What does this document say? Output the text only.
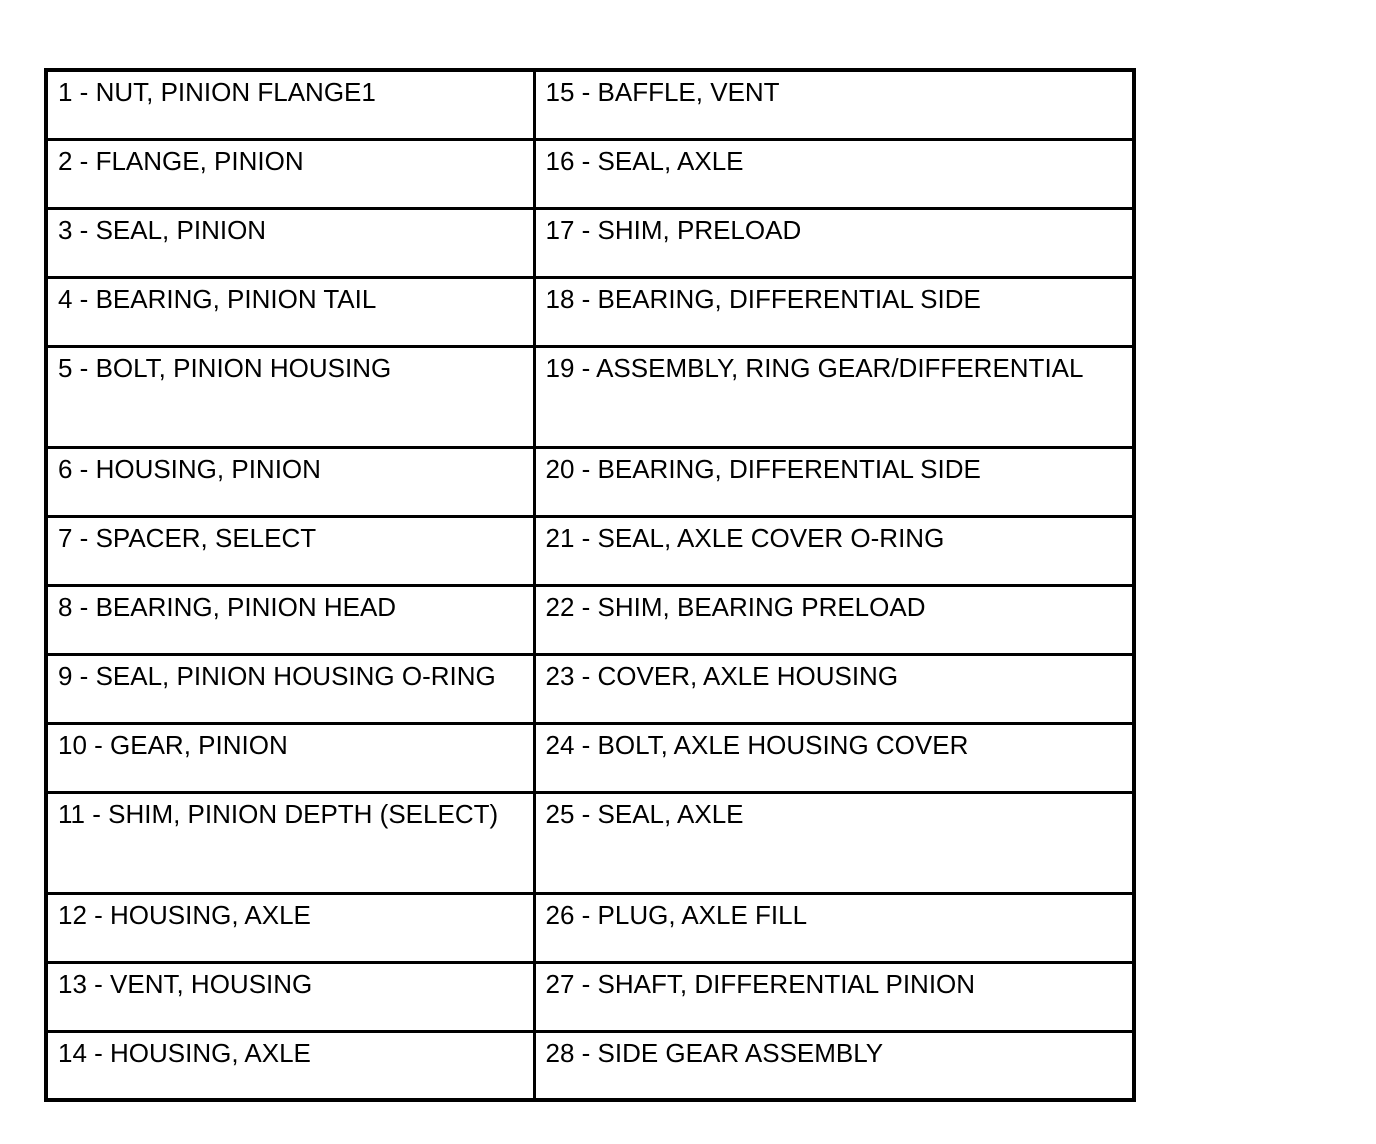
1 - NUT, PINION FLANGE1	15 - BAFFLE, VENT
2 - FLANGE, PINION	16 - SEAL, AXLE
3 - SEAL, PINION	17 - SHIM, PRELOAD
4 - BEARING, PINION TAIL	18 - BEARING, DIFFERENTIAL SIDE
5 - BOLT, PINION HOUSING	19 - ASSEMBLY, RING GEAR/DIFFERENTIAL
6 - HOUSING, PINION	20 - BEARING, DIFFERENTIAL SIDE
7 - SPACER, SELECT	21 - SEAL, AXLE COVER O-RING
8 - BEARING, PINION HEAD	22 - SHIM, BEARING PRELOAD
9 - SEAL, PINION HOUSING O-RING	23 - COVER, AXLE HOUSING
10 - GEAR, PINION	24 - BOLT, AXLE HOUSING COVER
11 - SHIM, PINION DEPTH (SELECT)	25 - SEAL, AXLE
12 - HOUSING, AXLE	26 - PLUG, AXLE FILL
13 - VENT, HOUSING	27 - SHAFT, DIFFERENTIAL PINION
14 - HOUSING, AXLE	28 - SIDE GEAR ASSEMBLY
